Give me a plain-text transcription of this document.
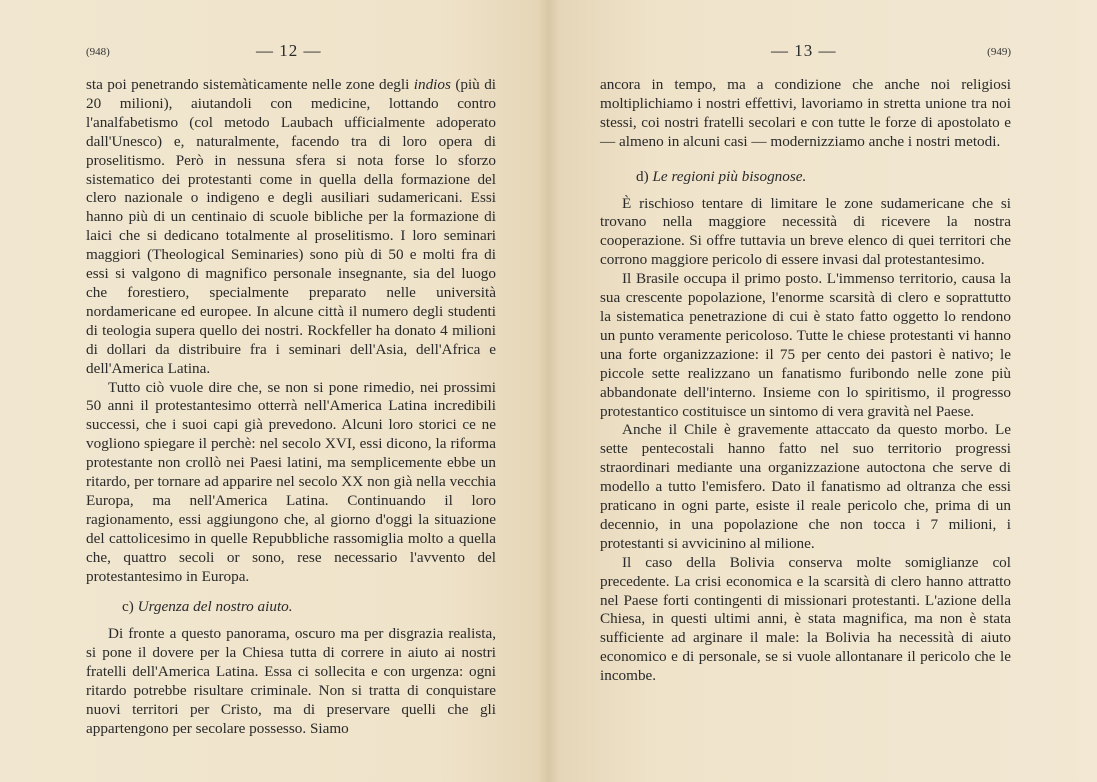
(948)	— 12 —

sta poi penetrando sistemàticamente nelle zone degli indios (più di 20 milioni), aiutandoli con medicine, lottando contro l'analfabetismo (col metodo Laubach ufficialmente adoperato dall'Unesco) e, naturalmente, facendo tra di loro opera di proselitismo. Però in nessuna sfera si nota forse lo sforzo sistematico dei protestanti come in quella della formazione del clero nazionale o indigeno e degli ausiliari sudamericani. Essi hanno più di un centinaio di scuole bibliche per la formazione di laici che si dedicano totalmente al proselitismo. I loro seminari maggiori (Theological Seminaries) sono più di 50 e molti fra di essi si valgono di magnifico personale insegnante, sia del luogo che forestiero, specialmente preparato nelle università nordamericane ed europee. In alcune città il numero degli studenti di teologia supera quello dei nostri. Rockfeller ha donato 4 milioni di dollari da distribuire fra i seminari dell'Asia, dell'Africa e dell'America Latina.

Tutto ciò vuole dire che, se non si pone rimedio, nei prossimi 50 anni il protestantesimo otterrà nell'America Latina incredibili successi, che i suoi capi già prevedono. Alcuni loro storici ce ne vogliono spiegare il perchè: nel secolo XVI, essi dicono, la riforma protestante non crollò nei Paesi latini, ma semplicemente ebbe un ritardo, per tornare ad apparire nel secolo XX non già nella vecchia Europa, ma nell'America Latina. Continuando il loro ragionamento, essi aggiungono che, al giorno d'oggi la situazione del cattolicesimo in quelle Repubbliche rassomiglia molto a quella che, quattro secoli or sono, rese necessario l'avvento del protestantesimo in Europa.

c) Urgenza del nostro aiuto.

Di fronte a questo panorama, oscuro ma per disgrazia realista, si pone il dovere per la Chiesa tutta di correre in aiuto ai nostri fratelli dell'America Latina. Essa ci sollecita e con urgenza: ogni ritardo potrebbe risultare criminale. Non si tratta di conquistare nuovi territori per Cristo, ma di preservare quelli che gli appartengono per secolare possesso. Siamo

— 13 —	(949)

ancora in tempo, ma a condizione che anche noi religiosi moltiplichiamo i nostri effettivi, lavoriamo in stretta unione tra noi stessi, coi nostri fratelli secolari e con tutte le forze di apostolato e — almeno in alcuni casi — modernizziamo anche i nostri metodi.

d) Le regioni più bisognose.

È rischioso tentare di limitare le zone sudamericane che si trovano nella maggiore necessità di ricevere la nostra cooperazione. Si offre tuttavia un breve elenco di quei territori che corrono maggiore pericolo di essere invasi dal protestantesimo.

Il Brasile occupa il primo posto. L'immenso territorio, causa la sua crescente popolazione, l'enorme scarsità di clero e soprattutto la sistematica penetrazione di cui è stato fatto oggetto lo rendono un punto veramente pericoloso. Tutte le chiese protestanti vi hanno una forte organizzazione: il 75 per cento dei pastori è nativo; le piccole sette realizzano un fanatismo furibondo nelle zone più abbandonate dell'interno. Insieme con lo spiritismo, il progresso protestantico costituisce un sintomo di vera gravità nel Paese.

Anche il Chile è gravemente attaccato da questo morbo. Le sette pentecostali hanno fatto nel suo territorio progressi straordinari mediante una organizzazione autoctona che serve di modello a tutto l'emisfero. Dato il fanatismo ad oltranza che essi praticano in ogni parte, esiste il reale pericolo che, prima di un decennio, in una popolazione che non tocca i 7 milioni, i protestanti si avvicinino al milione.

Il caso della Bolivia conserva molte somiglianze col precedente. La crisi economica e la scarsità di clero hanno attratto nel Paese forti contingenti di missionari protestanti. L'azione della Chiesa, in questi ultimi anni, è stata magnifica, ma non è stata sufficiente ad arginare il male: la Bolivia ha necessità di aiuto economico e di personale, se si vuole allontanare il pericolo che le incombe.
